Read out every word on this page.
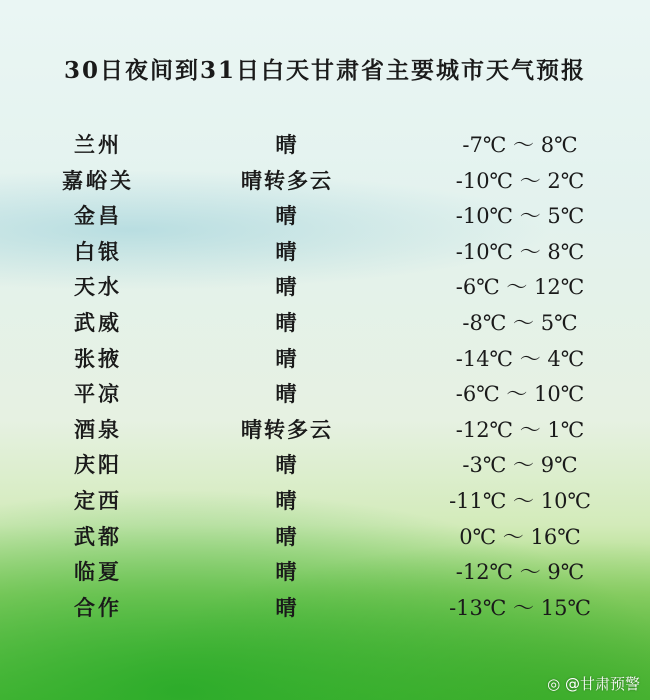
30日夜间到31日白天甘肃省主要城市天气预报
兰州	晴	-7℃ ～ 8℃
嘉峪关	晴转多云	-10℃ ～ 2℃
金昌	晴	-10℃ ～ 5℃
白银	晴	-10℃ ～ 8℃
天水	晴	-6℃ ～ 12℃
武威	晴	-8℃ ～ 5℃
张掖	晴	-14℃ ～ 4℃
平凉	晴	-6℃ ～ 10℃
酒泉	晴转多云	-12℃ ～ 1℃
庆阳	晴	-3℃ ～ 9℃
定西	晴	-11℃ ～ 10℃
武都	晴	0℃ ～ 16℃
临夏	晴	-12℃ ～ 9℃
合作	晴	-13℃ ～ 15℃
◎ @甘肃预警
